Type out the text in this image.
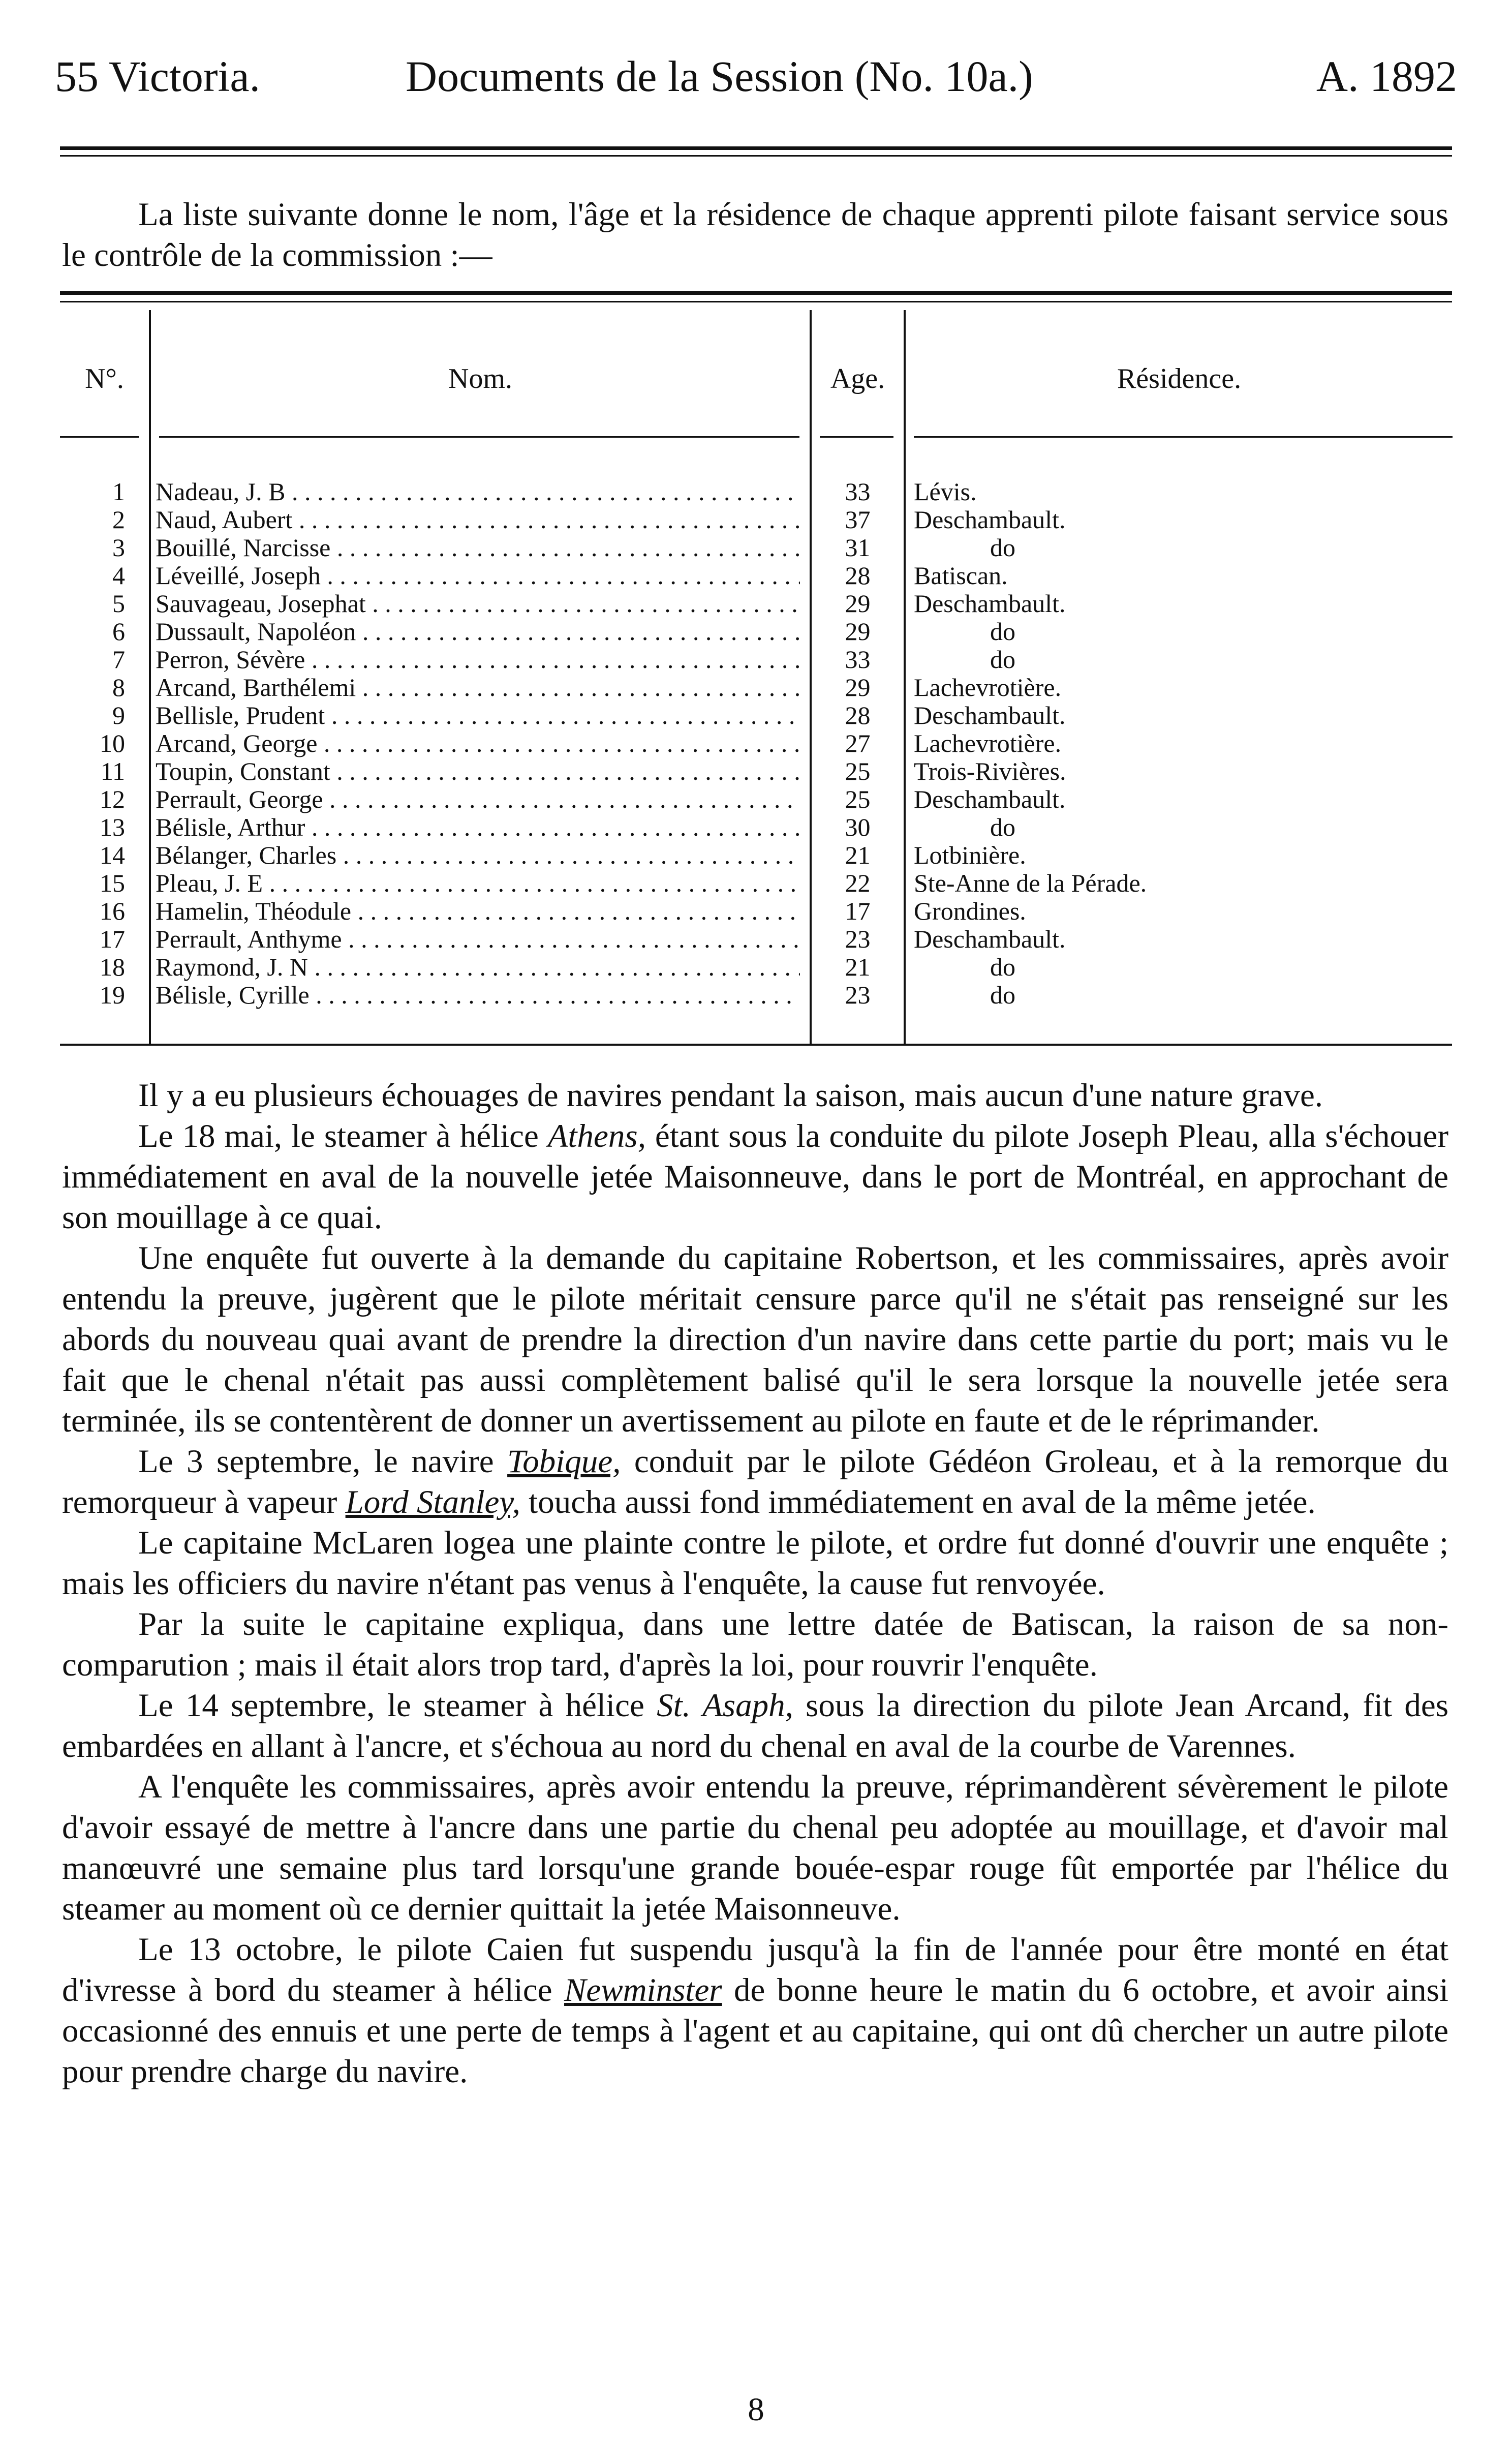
55 Victoria.	Documents de la Session (No. 10a.)	A. 1892
La liste suivante donne le nom, l'âge et la résidence de chaque apprenti pilote faisant service sous le contrôle de la commission :—
N°.	Nom.	Age.	Résidence.
1 Nadeau, J. B . . .	33	Lévis.
2 Naud, Aubert . . .	37	Deschambault.
3 Bouillé, Narcisse . . .	31	do
4 Léveillé, Joseph . . .	28	Batiscan.
5 Sauvageau, Josephat . . .	29	Deschambault.
6 Dussault, Napoléon . . .	29	do
7 Perron, Sévère . . .	33	do
8 Arcand, Barthélemi . . .	29	Lachevrotière.
9 Bellisle, Prudent . . .	28	Deschambault.
10 Arcand, George . . .	27	Lachevrotière.
11 Toupin, Constant . . .	25	Trois-Rivières.
12 Perrault, George . . .	25	Deschambault.
13 Bélisle, Arthur . . .	30	do
14 Bélanger, Charles . . .	21	Lotbinière.
15 Pleau, J. E . . .	22	Ste-Anne de la Pérade.
16 Hamelin, Théodule . . .	17	Grondines.
17 Perrault, Anthyme . . .	23	Deschambault.
18 Raymond, J. N . . .	21	do
19 Bélisle, Cyrille . . .	23	do

Il y a eu plusieurs échouages de navires pendant la saison, mais aucun d'une nature grave.

Le 18 mai, le steamer à hélice Athens, étant sous la conduite du pilote Joseph Pleau, alla s'échouer immédiatement en aval de la nouvelle jetée Maisonneuve, dans le port de Montréal, en approchant de son mouillage à ce quai.

Une enquête fut ouverte à la demande du capitaine Robertson, et les commissaires, après avoir entendu la preuve, jugèrent que le pilote méritait censure parce qu'il ne s'était pas renseigné sur les abords du nouveau quai avant de prendre la direction d'un navire dans cette partie du port; mais vu le fait que le chenal n'était pas aussi complètement balisé qu'il le sera lorsque la nouvelle jetée sera terminée, ils se contentèrent de donner un avertissement au pilote en faute et de le réprimander.

Le 3 septembre, le navire Tobique, conduit par le pilote Gédéon Groleau, et à la remorque du remorqueur à vapeur Lord Stanley, toucha aussi fond immédiatement en aval de la même jetée.

Le capitaine McLaren logea une plainte contre le pilote, et ordre fut donné d'ouvrir une enquête ; mais les officiers du navire n'étant pas venus à l'enquête, la cause fut renvoyée.

Par la suite le capitaine expliqua, dans une lettre datée de Batiscan, la raison de sa non-comparution ; mais il était alors trop tard, d'après la loi, pour rouvrir l'enquête.

Le 14 septembre, le steamer à hélice St. Asaph, sous la direction du pilote Jean Arcand, fit des embardées en allant à l'ancre, et s'échoua au nord du chenal en aval de la courbe de Varennes.

A l'enquête les commissaires, après avoir entendu la preuve, réprimandèrent sévèrement le pilote d'avoir essayé de mettre à l'ancre dans une partie du chenal peu adoptée au mouillage, et d'avoir mal manœuvré une semaine plus tard lorsqu'une grande bouée-espar rouge fût emportée par l'hélice du steamer au moment où ce dernier quittait la jetée Maisonneuve.

Le 13 octobre, le pilote Caien fut suspendu jusqu'à la fin de l'année pour être monté en état d'ivresse à bord du steamer à hélice Newminster de bonne heure le matin du 6 octobre, et avoir ainsi occasionné des ennuis et une perte de temps à l'agent et au capitaine, qui ont dû chercher un autre pilote pour prendre charge du navire.

8
